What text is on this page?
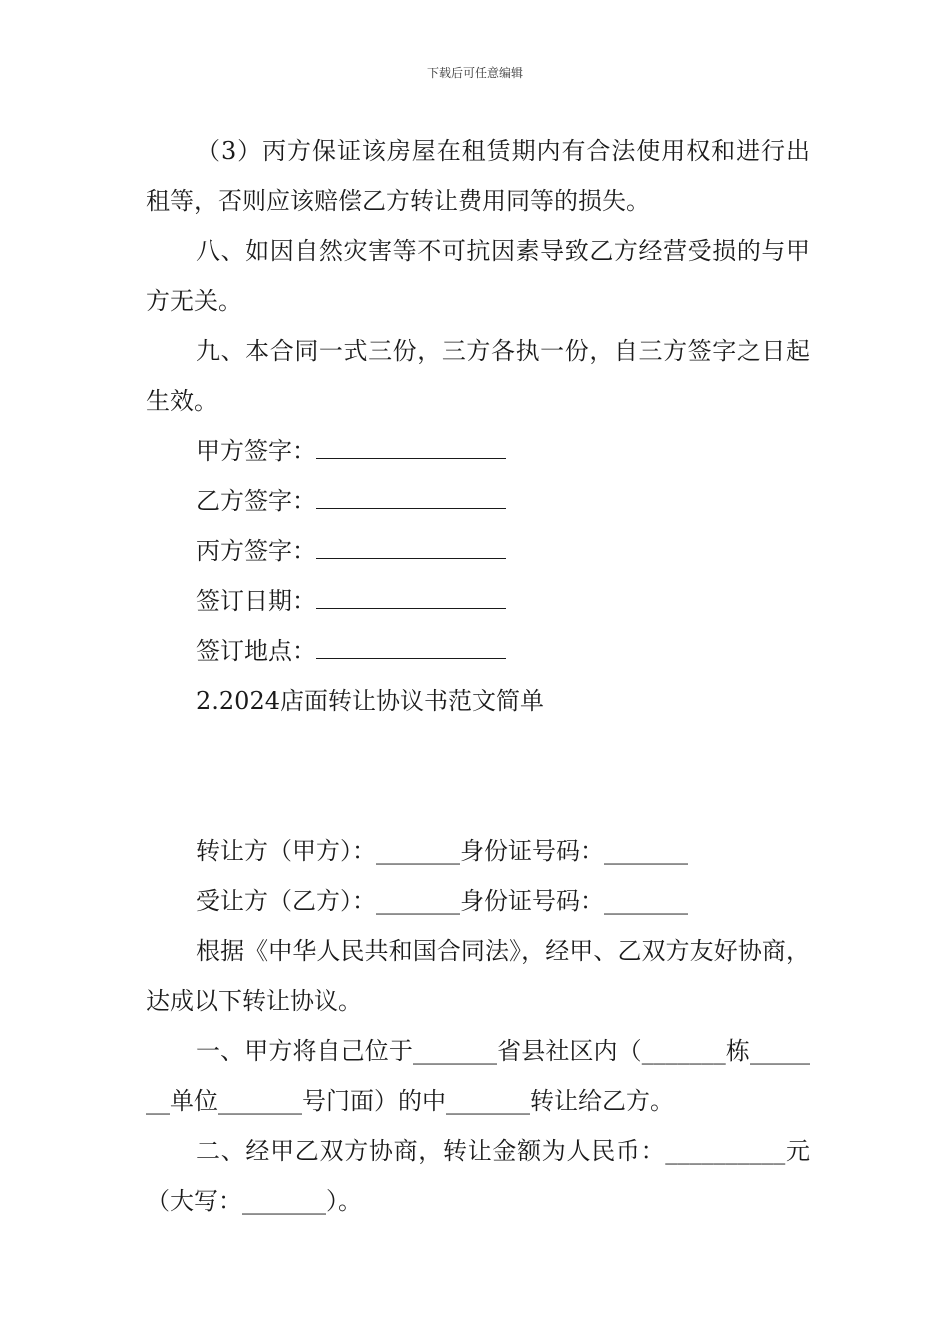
下载后可任意编辑

（3）丙方保证该房屋在租赁期内有合法使用权和进行出租等，否则应该赔偿乙方转让费用同等的损失。

八、如因自然灾害等不可抗因素导致乙方经营受损的与甲方无关。

九、本合同一式三份，三方各执一份，自三方签字之日起生效。

甲方签字：

乙方签字：

丙方签字：

签订日期：

签订地点：

2.2024店面转让协议书范文简单

转让方（甲方）：_______身份证号码：_______

受让方（乙方）：_______身份证号码：_______

根据《中华人民共和国合同法》，经甲、乙双方友好协商，达成以下转让协议。

一、甲方将自己位于_______省县社区内（_______栋_______单位_______号门面）的中_______转让给乙方。

二、经甲乙双方协商，转让金额为人民币：__________元（大写：_______）。
